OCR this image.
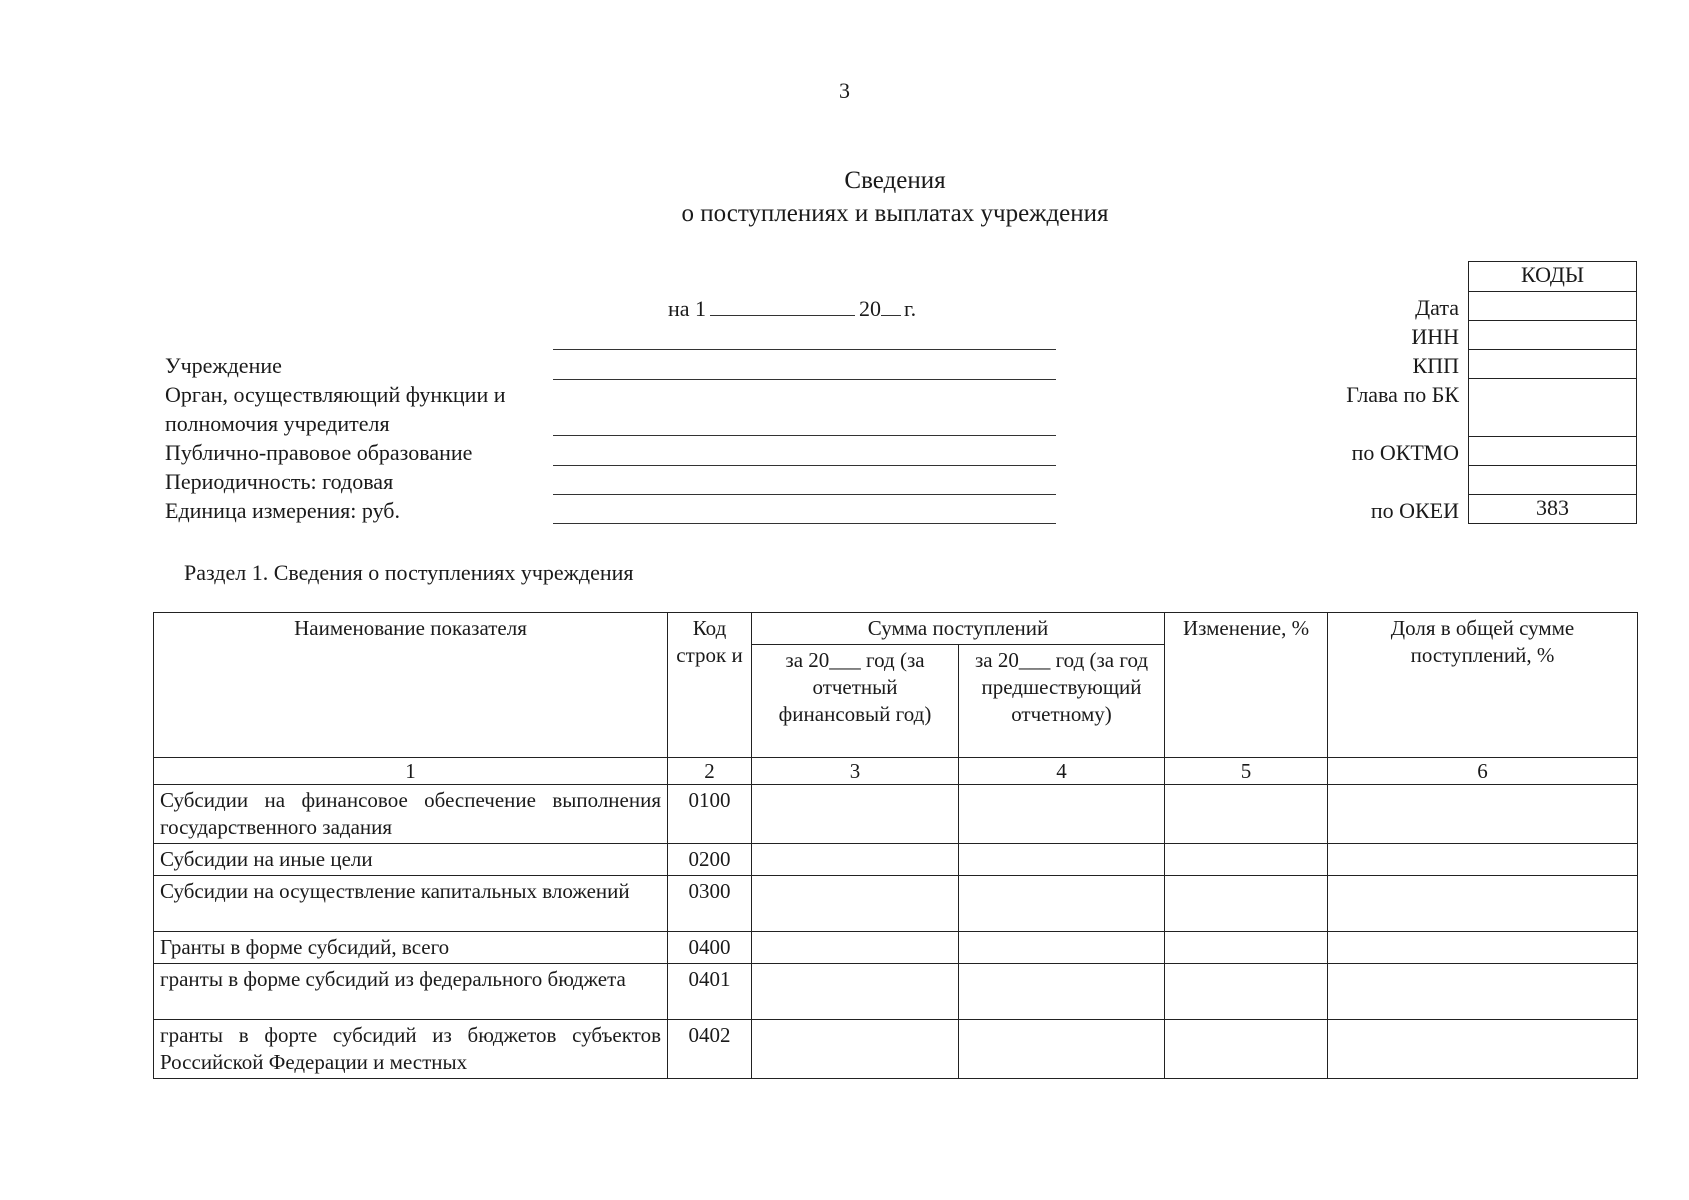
3
Сведения
о поступлениях и выплатах учреждения
на 1	20 г.
Учреждение
Орган, осуществляющий функции и
полномочия учредителя
Публично-правовое образование
Периодичность: годовая
Единица измерения: руб.
Дата
ИНН
КПП
Глава по БК
по ОКТМО
по ОКЕИ
КОДЫ
383
Раздел 1. Сведения о поступлениях учреждения
Наименование показателя	Код строк и	Сумма поступлений		Изменение, %	Доля в общей сумме поступлений, %
		за 20___ год (за отчетный финансовый год)	за 20___ год (за год предшествующий отчетному)		
1	2	3	4	5	6
Субсидии на финансовое обеспечение выполнения государственного задания	0100				
Субсидии на иные цели	0200				
Субсидии на осуществление капитальных вложений	0300				
Гранты в форме субсидий, всего	0400				
гранты в форме субсидий из федерального бюджета	0401				
гранты в форте субсидий из бюджетов субъектов Российской Федерации и местных	0402				
